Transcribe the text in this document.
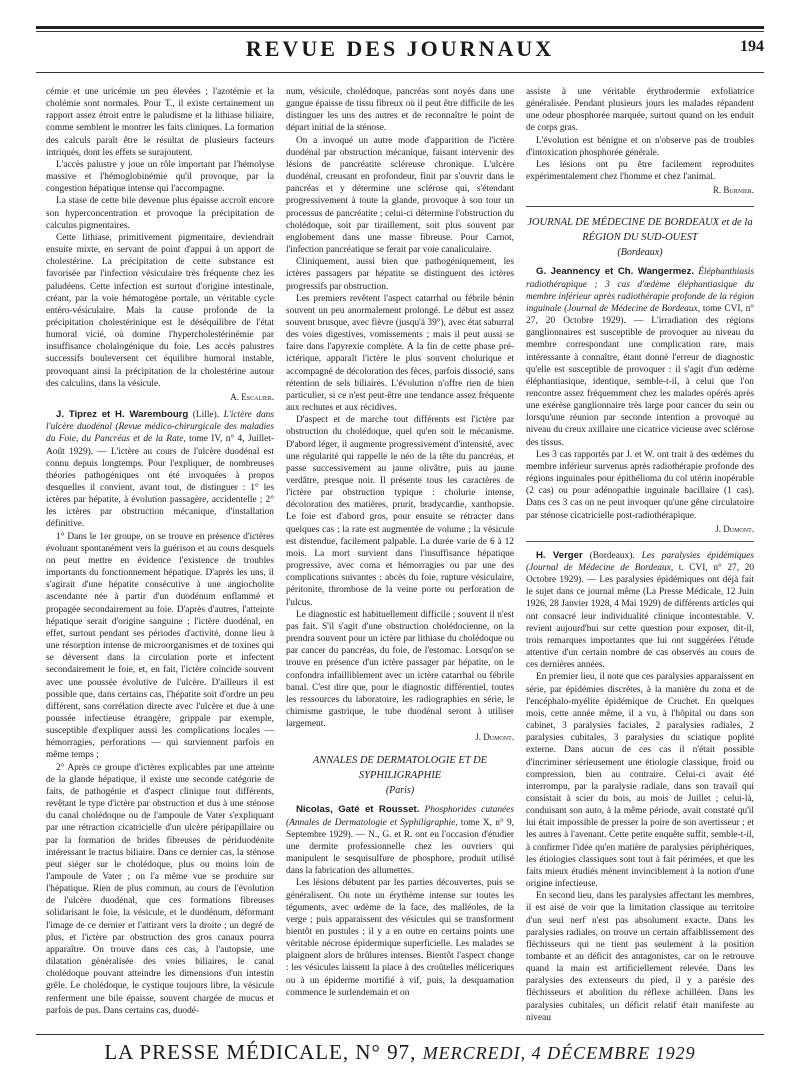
REVUE DES JOURNAUX	194

cémie et une uricémie un peu élevées ; l'azotémie et la cholémie sont normales. Pour T., il existe certainement un rapport assez étroit entre le paludisme et la lithiase biliaire, comme semblent le montrer les faits cliniques. La formation des calculs paraît être le résultat de plusieurs facteurs intriqués, dont les effets se surajoutent.

L'accès palustre y joue un rôle important par l'hémolyse massive et l'hémoglobinémie qu'il provoque, par la congestion hépatique intense qui l'accompagne.

La stase de cette bile devenue plus épaisse accroît encore son hyperconcentration et provoque la précipitation de calculus pigmentaires.

Cette lithiase, primitivement pigmentaire, deviendrait ensuite mixte, en servant de point d'appui à un apport de cholestérine. La précipitation de cette substance est favorisée par l'infection vésiculaire très fréquente chez les paludéens. Cette infection est surtout d'origine intestinale, créant, par la voie hématogène portale, un véritable cycle entéro-vésiculaire. Mais la cause profonde de la précipitation cholestérinique est le déséquilibre de l'état humoral vicié, où domine l'hypercholestérinémie par insuffisance cholalogénique du foie. Les accès palustres successifs bouleversent cet équilibre humoral instable, provoquant ainsi la précipitation de la cholestérine autour des calculins, dans la vésicule.

A. Escalier.

J. Tiprez et H. Warembourg (Lille). L'ictère dans l'ulcère duodénal (Revue médico-chirurgicale des maladies du Foie, du Pancréas et de la Rate, tome IV, n° 4, Juillet-Août 1929). — L'ictère au cours de l'ulcère duodénal est connu depuis longtemps. Pour l'expliquer, de nombreuses théories pathogéniques ont été invoquées à propos desquelles il convient, avant tout, de distinguer : 1° les ictères par hépatite, à évolution passagère, accidentelle ; 2° les ictères par obstruction mécanique, d'installation définitive.

1° Dans le 1er groupe, on se trouve en présence d'ictères évoluant spontanément vers la guérison et au cours desquels on peut mettre en évidence l'existence de troubles importants du fonctionnement hépatique. D'après les uns, il s'agirait d'une hépatite consécutive à une angiocholite ascendante née à partir d'un duodénum enflammé et propagée secondairement au foie. D'après d'autres, l'atteinte hépatique serait d'origine sanguine ; l'ictère duodénal, en effet, surtout pendant ses périodes d'activité, donne lieu à une résorption intense de microorganismes et de toxines qui se déversent dans la circulation porte et infectent secondairement le foie, et, en fait, l'ictère coïncide souvent avec une poussée évolutive de l'ulcère. D'ailleurs il est possible que, dans certains cas, l'hépatite soit d'ordre un peu différent, sans corrélation directe avec l'ulcère et due à une poussée infectieuse étrangère, grippale par exemple, susceptible d'expliquer aussi les complications locales — hémorragies, perforations — qui surviennent parfois en même temps ;

2° Après ce groupe d'ictères explicables par une atteinte de la glande hépatique, il existe une seconde catégorie de faits, de pathogénie et d'aspect clinique tout différents, revêtant le type d'ictère par obstruction et dus à une sténose du canal cholédoque ou de l'ampoule de Vater s'expliquant par une rétraction cicatricielle d'un ulcère péripapillaire ou par la formation de brides fibreuses de périduodénite intéressant le tractus biliaire. Dans ce dernier cas, la sténose peut siéger sur le cholédoque, plus ou moins loin de l'ampoule de Vater ; on l'a même vue se produire sur l'hépatique. Rien de plus commun, au cours de l'évolution de l'ulcère duodénal, que ces formations fibreuses solidarisant le foie, la vésicule, et le duodénum, déformant l'image de ce dernier et l'attirant vers la droite ; un degré de plus, et l'ictère par obstruction des gros canaux pourra apparaître. On trouve dans ces cas, à l'autopsie, une dilatation généralisée des voies biliaires, le canal cholédoque pouvant atteindre les dimensions d'un intestin grêle. Le cholédoque, le cystique toujours libre, la vésicule renferment une bile épaisse, souvent chargée de mucus et parfois de pus. Dans certains cas, duodé-

num, vésicule, cholédoque, pancréas sont noyés dans une gangue épaisse de tissu fibreux où il peut être difficile de les distinguer les uns des autres et de reconnaître le point de départ initial de la sténose.

On a invoqué un autre mode d'apparition de l'ictère duodénal par obstruction mécanique, faisant intervenir des lésions de pancréatite scléreuse chronique. L'ulcère duodénal, creusant en profondeur, finit par s'ouvrir dans le pancréas et y détermine une sclérose qui, s'étendant progressivement à toute la glande, provoque à son tour un processus de pancréatite ; celui-ci détermine l'obstruction du cholédoque, soit par tiraillement, soit plus souvent par englobement dans une masse fibreuse. Pour Carnot, l'infection pancréatique se ferait par voie canaliculaire.

Cliniquement, aussi bien que pathogéniquement, les ictères passagers par hépatite se distinguent des ictères progressifs par obstruction.

Les premiers revêtent l'aspect catarrhal ou fébrile bénin souvent un peu anormalement prolongé. Le début est assez souvent brusque, avec fièvre (jusqu'à 39°), avec état saburral des voies digestives, vomissements ; mais il peut aussi se faire dans l'apyrexie complète. A la fin de cette phase pré-ictérique, apparaît l'ictère le plus souvent cholurique et accompagné de décoloration des fèces, parfois dissocié, sans rétention de sels biliaires. L'évolution n'offre rien de bien particulier, si ce n'est peut-être une tendance assez fréquente aux rechutes et aux récidives.

D'aspect et de marche tout différents est l'ictère par obstruction du cholédoque, quel qu'en soit le mécanisme. D'abord léger, il augmente progressivement d'intensité, avec une régularité qui rappelle le néo de la tête du pancréas, et passe successivement au jaune olivâtre, puis au jaune verdâtre, presque noir. Il présente tous les caractères de l'ictère par obstruction typique : cholurie intense, décoloration des matières, prurit, bradycardie, xanthopsie. Le foie est d'abord gros, pour ensuite se rétracter dans quelques cas ; la rate est augmentée de volume ; la vésicule est distendue, facilement palpable. La durée varie de 6 à 12 mois. La mort survient dans l'insuffisance hépatique progressive, avec coma et hémorragies ou par une des complications suivantes : abcès du foie, rupture vésiculaire, péritonite, thrombose de la veine porte ou perforation de l'ulcus.

Le diagnostic est habituellement difficile ; souvent il n'est pas fait. S'il s'agit d'une obstruction cholédocienne, on la prendra souvent pour un ictère par lithiase du cholédoque ou par cancer du pancréas, du foie, de l'estomac. Lorsqu'on se trouve en présence d'un ictère passager par hépatite, on le confondra infailliblement avec un ictère catarrhal ou fébrile banal. C'est dire que, pour le diagnostic différentiel, toutes les ressources du laboratoire, les radiographies en série, le chimisme gastrique, le tube duodénal seront à utiliser largement.

J. Dumont.
ANNALES DE DERMATOLOGIE ET DE SYPHILIGRAPHIE
(Paris)

Nicolas, Gaté et Rousset. Phosphorides cutanées (Annales de Dermatologie et Syphiligraphie, tome X, n° 9, Septembre 1929). — N., G. et R. ont eu l'occasion d'étudier une dermite professionnelle chez les ouvriers qui manipulent le sesquisulfure de phosphore, produit utilisé dans la fabrication des allumettes.

Les lésions débutent par les parties découvertes, puis se généralisent. On note un érythème intense sur toutes les téguments, avec œdème de la face, des malléoles, de la verge ; puis apparaissent des vésicules qui se transforment bientôt en pustules ; il y a en outre en certains points une véritable nécrose épidermique superficielle. Les malades se plaignent alors de brûlures intenses. Bientôt l'aspect change : les vésicules laissent la place à des croûtelles méliceriques ou à un épiderme mortifié à vif, puis, la desquamation commence le surlendemain et on

assiste à une véritable érythrodermie exfoliatrice généralisée. Pendant plusieurs jours les malades répandent une odeur phosphorée marquée, surtout quand on les enduit de corps gras.

L'évolution est bénigne et on n'observe pas de troubles d'intoxication phosphorée générale.

Les lésions ont pu être facilement reproduites expérimentalement chez l'homme et chez l'animal.

R. Burnier.
JOURNAL DE MÉDECINE DE BORDEAUX et de la RÉGION DU SUD-OUEST
(Bordeaux)

G. Jeannency et Ch. Wangermez. Éléphanthiasis radiothérapique ; 3 cas d'œdème éléphantiasique du membre inférieur après radiothérapie profonde de la région inguinale (Journal de Médecine de Bordeaux, tome CVI, n° 27, 20 Octobre 1929). — L'irradiation des régions ganglionnaires est susceptible de provoquer au niveau du membre correspondant une complication rare, mais intéressante à connaître, étant donné l'erreur de diagnostic qu'elle est susceptible de provoquer : il s'agit d'un œdème éléphantiasique, identique, semble-t-il, à celui que l'on rencontre assez fréquemment chez les malades opérés après une exérèse ganglionnaire très large pour cancer du sein ou lorsqu'une réunion par seconde intention a provoqué au niveau du creux axillaire une cicatrice vicieuse avec sclérose des tissus.

Les 3 cas rapportés par J. et W. ont trait à des œdèmes du membre inférieur survenus après radiothérapie profonde des régions inguinales pour épithélioma du col utérin inopérable (2 cas) ou pour adénopathie inguinale bacillaire (1 cas). Dans ces 3 cas on ne peut invoquer qu'une gêne circulatoire par sténose cicatricielle post-radiothérapique.

J. Dumont.

H. Verger (Bordeaux). Les paralysies épidémiques (Journal de Médecine de Bordeaux, t. CVI, n° 27, 20 Octobre 1929). — Les paralysies épidémiques ont déjà fait le sujet dans ce journal même (La Presse Médicale, 12 Juin 1926, 28 Janvier 1928, 4 Mai 1929) de différents articles qui ont consacré leur individualité clinique incontestable. V. revient aujourd'hui sur cette question pour exposer, dit-il, trois remarques importantes que lui ont suggérées l'étude attentive d'un certain nombre de cas observés au cours de ces dernières années.

En premier lieu, il note que ces paralysies apparaissent en série, par épidémies discrètes, à la manière du zona et de l'encéphalo-myélite épidémique de Cruchet. En quelques mois, cette année même, il a vu, à l'hôpital ou dans son cabinet, 3 paralysies faciales, 2 paralysies radiales, 2 paralysies cubitales, 3 paralysies du sciatique poplité externe. Dans aucun de ces cas il n'était possible d'incriminer sérieusement une étiologie classique, froid ou compression, bien au contraire. Celui-ci avait été interrompu, par la paralysie radiale, dans son travail qui consistait à scier du bois, au mois de Juillet ; celui-là, conduisant son auto, à la même période, avait constaté qu'il lui était impossible de presser la poire de son avertisseur ; et les autres à l'avenant. Cette petite enquête suffit, semble-t-il, à confirmer l'idée qu'en matière de paralysies périphériques, les étiologies classiques sont tout à fait périmées, et que les faits mieux étudiés mènent invinciblement à la notion d'une origine infectieuse.

En second lieu, dans les paralysies affectant les membres, il est aisé de voir que la limitation classique au territoire d'un seul nerf n'est pas absolument exacte. Dans les paralysies radiales, on trouve un certain affaiblissement des fléchisseurs qui ne tient pas seulement à la position tombante et au déficit des antagonistes, car on le retrouve quand la main est artificiellement relevée. Dans les paralysies des extenseurs du pied, il y a parésie des fléchisseurs et abolition du réflexe achilléen. Dans les paralysies cubitales, un déficit relatif était manifeste au niveau

LA PRESSE MÉDICALE, N° 97, MERCREDI, 4 DÉCEMBRE 1929
